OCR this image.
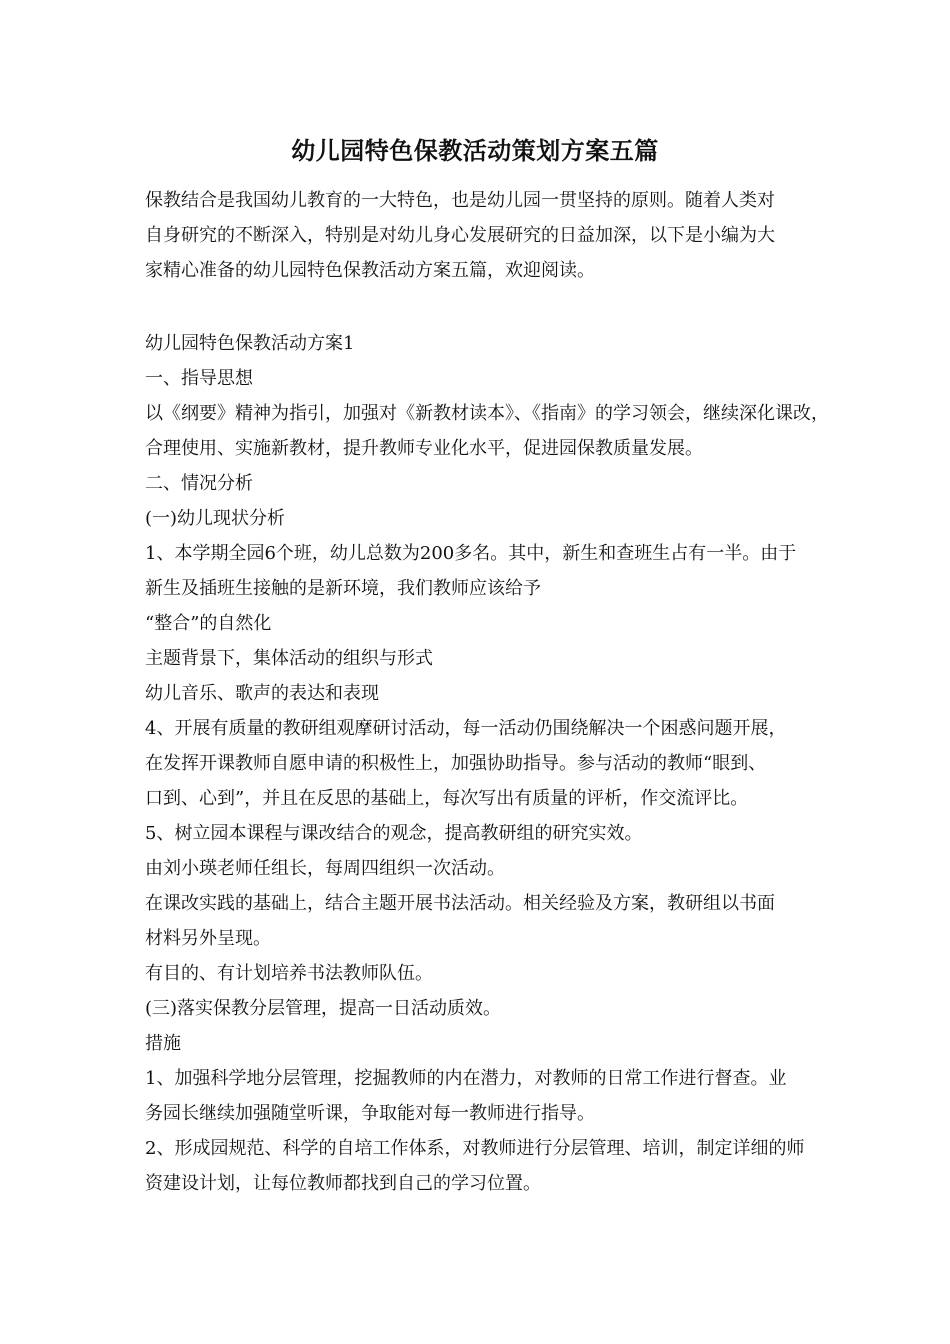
幼儿园特色保教活动策划方案五篇

保教结合是我国幼儿教育的一大特色，也是幼儿园一贯坚持的原则。随着人类对

自身研究的不断深入，特别是对幼儿身心发展研究的日益加深，以下是小编为大

家精心准备的幼儿园特色保教活动方案五篇，欢迎阅读。

幼儿园特色保教活动方案1

一、指导思想

以《纲要》精神为指引，加强对《新教材读本》、《指南》的学习领会，继续深化课改，

合理使用、实施新教材，提升教师专业化水平，促进园保教质量发展。

二、情况分析

(一)幼儿现状分析

1、本学期全园6个班，幼儿总数为200多名。其中，新生和查班生占有一半。由于

新生及插班生接触的是新环境，我们教师应该给予

“整合”的自然化

主题背景下，集体活动的组织与形式

幼儿音乐、歌声的表达和表现

4、开展有质量的教研组观摩研讨活动，每一活动仍围绕解决一个困惑问题开展，

在发挥开课教师自愿申请的积极性上，加强协助指导。参与活动的教师“眼到、

口到、心到”，并且在反思的基础上，每次写出有质量的评析，作交流评比。

5、树立园本课程与课改结合的观念，提高教研组的研究实效。

由刘小瑛老师任组长，每周四组织一次活动。

在课改实践的基础上，结合主题开展书法活动。相关经验及方案，教研组以书面

材料另外呈现。

有目的、有计划培养书法教师队伍。

(三)落实保教分层管理，提高一日活动质效。

措施

1、加强科学地分层管理，挖掘教师的内在潜力，对教师的日常工作进行督查。业

务园长继续加强随堂听课，争取能对每一教师进行指导。

2、形成园规范、科学的自培工作体系，对教师进行分层管理、培训，制定详细的师

资建设计划，让每位教师都找到自己的学习位置。
